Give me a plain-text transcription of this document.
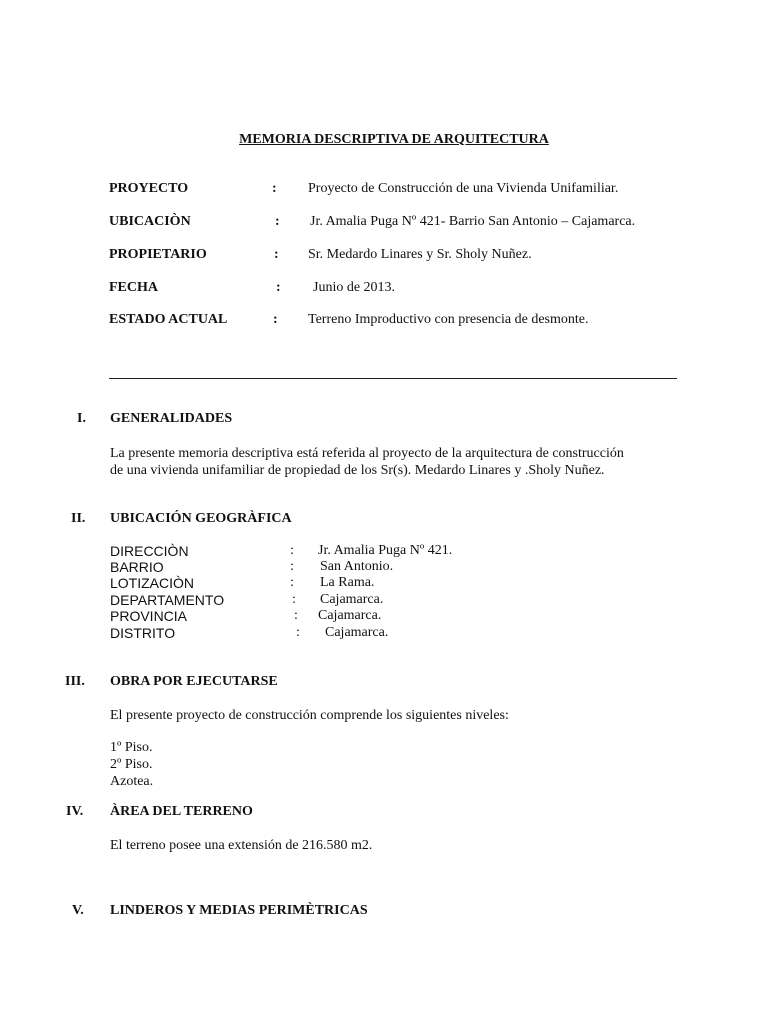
MEMORIA DESCRIPTIVA DE ARQUITECTURA
PROYECTO	: Proyecto de Construcción de una Vivienda Unifamiliar.
UBICACIÒN	: Jr. Amalia Puga Nº 421- Barrio San Antonio – Cajamarca.
PROPIETARIO	: Sr. Medardo Linares y Sr. Sholy Nuñez.
FECHA	: Junio de 2013.
ESTADO ACTUAL	: Terreno Improductivo con presencia de desmonte.
I. GENERALIDADES
La presente memoria descriptiva está referida al proyecto de la arquitectura de construcción
de una vivienda unifamiliar de propiedad de los Sr(s). Medardo Linares y .Sholy Nuñez.
II. UBICACIÓN GEOGRÀFICA
DIRECCIÒN	: Jr. Amalia Puga Nº 421.
BARRIO	: San Antonio.
LOTIZACIÒN	: La Rama.
DEPARTAMENTO	: Cajamarca.
PROVINCIA	: Cajamarca.
DISTRITO	: Cajamarca.
III. OBRA POR EJECUTARSE
El presente proyecto de construcción comprende los siguientes niveles:
1º Piso.
2º Piso.
Azotea.
IV. ÀREA DEL TERRENO
El terreno posee una extensión de 216.580 m2.
V. LINDEROS Y MEDIAS PERIMÈTRICAS
